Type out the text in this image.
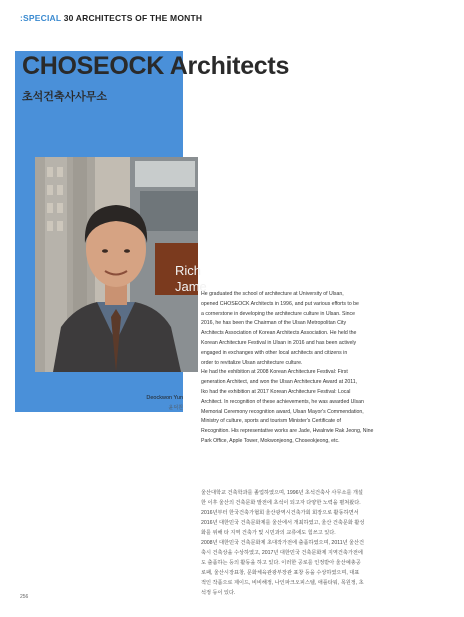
:SPECIAL 30 ARCHITECTS OF THE MONTH
CHOSEOCK Architects
초석건축사사무소
Rich
Jame
Deockwon Yun
윤덕원

He graduated the school of architecture at University of Ulsan,

opened CHOSEOCK Architects in 1996, and put various efforts to be

a cornerstone in developing the architecture culture in Ulsan. Since

2016, he has been the Chairman of the Ulsan Metropolitan City

Architects Association of Korean Architects Association. He held the

Korean Architecture Festival in Ulsan in 2016 and has been actively

engaged in exchanges with other local architects and citizens in

order to revitalize Ulsan architecture culture.

He had the exhibition at 2008 Korean Architecture Festival: First

generation Architect, and won the Ulsan Architecture Award at 2011,

Iko had the exhibition at 2017 Korean Architecture Festival: Local

Architect. In recognition of these achievements, he was awarded Ulsan

Memorial Ceremony recognition award, Ulsan Mayor's Commendation,

Ministry of culture, sports and tourism Minister's Certificate of

Recognition. His representative works are Jade, Hwalrwie Rak Jeong, Nine

Park Office, Apple Tower, Mokwonjeong, Choseokjeong, etc.

울산대학교 건축학과를 졸업하였으며, 1996년 초석건축사 사무소를 개설

한 이후 울산의 건축문화 발전에 초석이 되고자 다양한 노력을 펼쳐왔다.

2016년부터 한국건축가협회 울산광역시건축가회 회장으로 활동하면서

2016년 대한민국 건축문화제를 울산에서 개최하였고, 울산 건축문화 활성

화를 위해 타 지역 건축가 및 시민과의 교류에도 힘쓰고 있다.

2008년 대한민국 건축문화제 초대작가전에 출품하였으며, 2011년 울산건

축시 건축상을 수상하였고, 2017년 대한민국 건축문화제 지역건축가전에

도 출품하는 등의 활동을 하고 있다. 이러한 공로를 인정받아 울산예총공

로패, 울산시장표창, 문화체육관광부장관 표창 등을 수상하였으며, 대표

적인 작품으로 제이드, 비비해정, 나인파크오피스텔, 애플타워, 목원정, 초

석정 등이 있다.

256
